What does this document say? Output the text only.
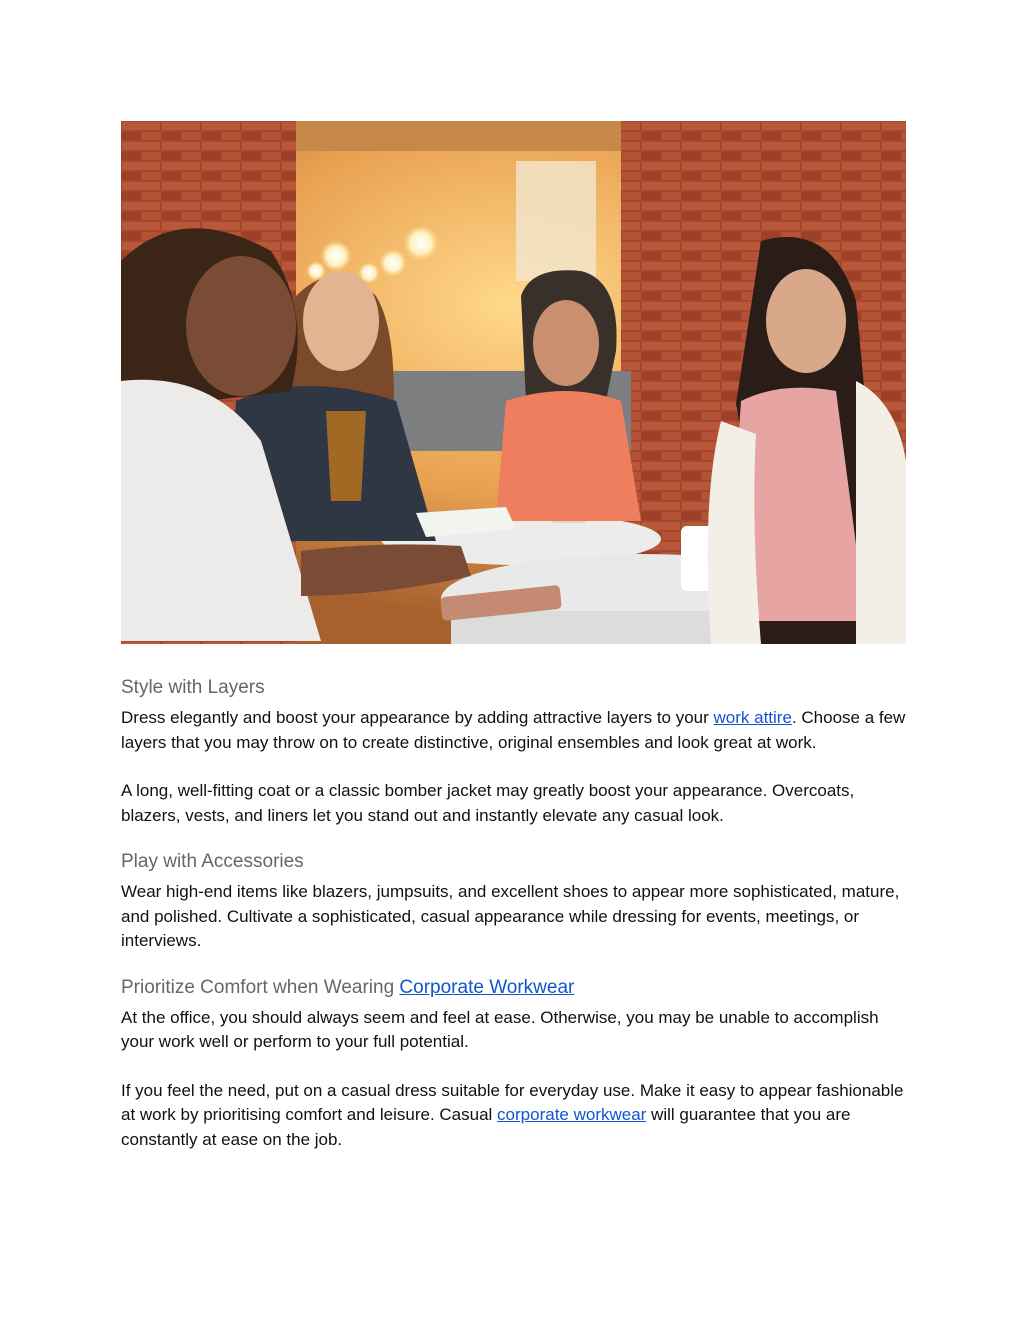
Style with Layers

Dress elegantly and boost your appearance by adding attractive layers to your work attire. Choose a few layers that you may throw on to create distinctive, original ensembles and look great at work.

A long, well-fitting coat or a classic bomber jacket may greatly boost your appearance. Overcoats, blazers, vests, and liners let you stand out and instantly elevate any casual look.

Play with Accessories

Wear high-end items like blazers, jumpsuits, and excellent shoes to appear more sophisticated, mature, and polished. Cultivate a sophisticated, casual appearance while dressing for events, meetings, or interviews.

Prioritize Comfort when Wearing Corporate Workwear

At the office, you should always seem and feel at ease. Otherwise, you may be unable to accomplish your work well or perform to your full potential.

If you feel the need, put on a casual dress suitable for everyday use. Make it easy to appear fashionable at work by prioritising comfort and leisure. Casual corporate workwear will guarantee that you are constantly at ease on the job.
